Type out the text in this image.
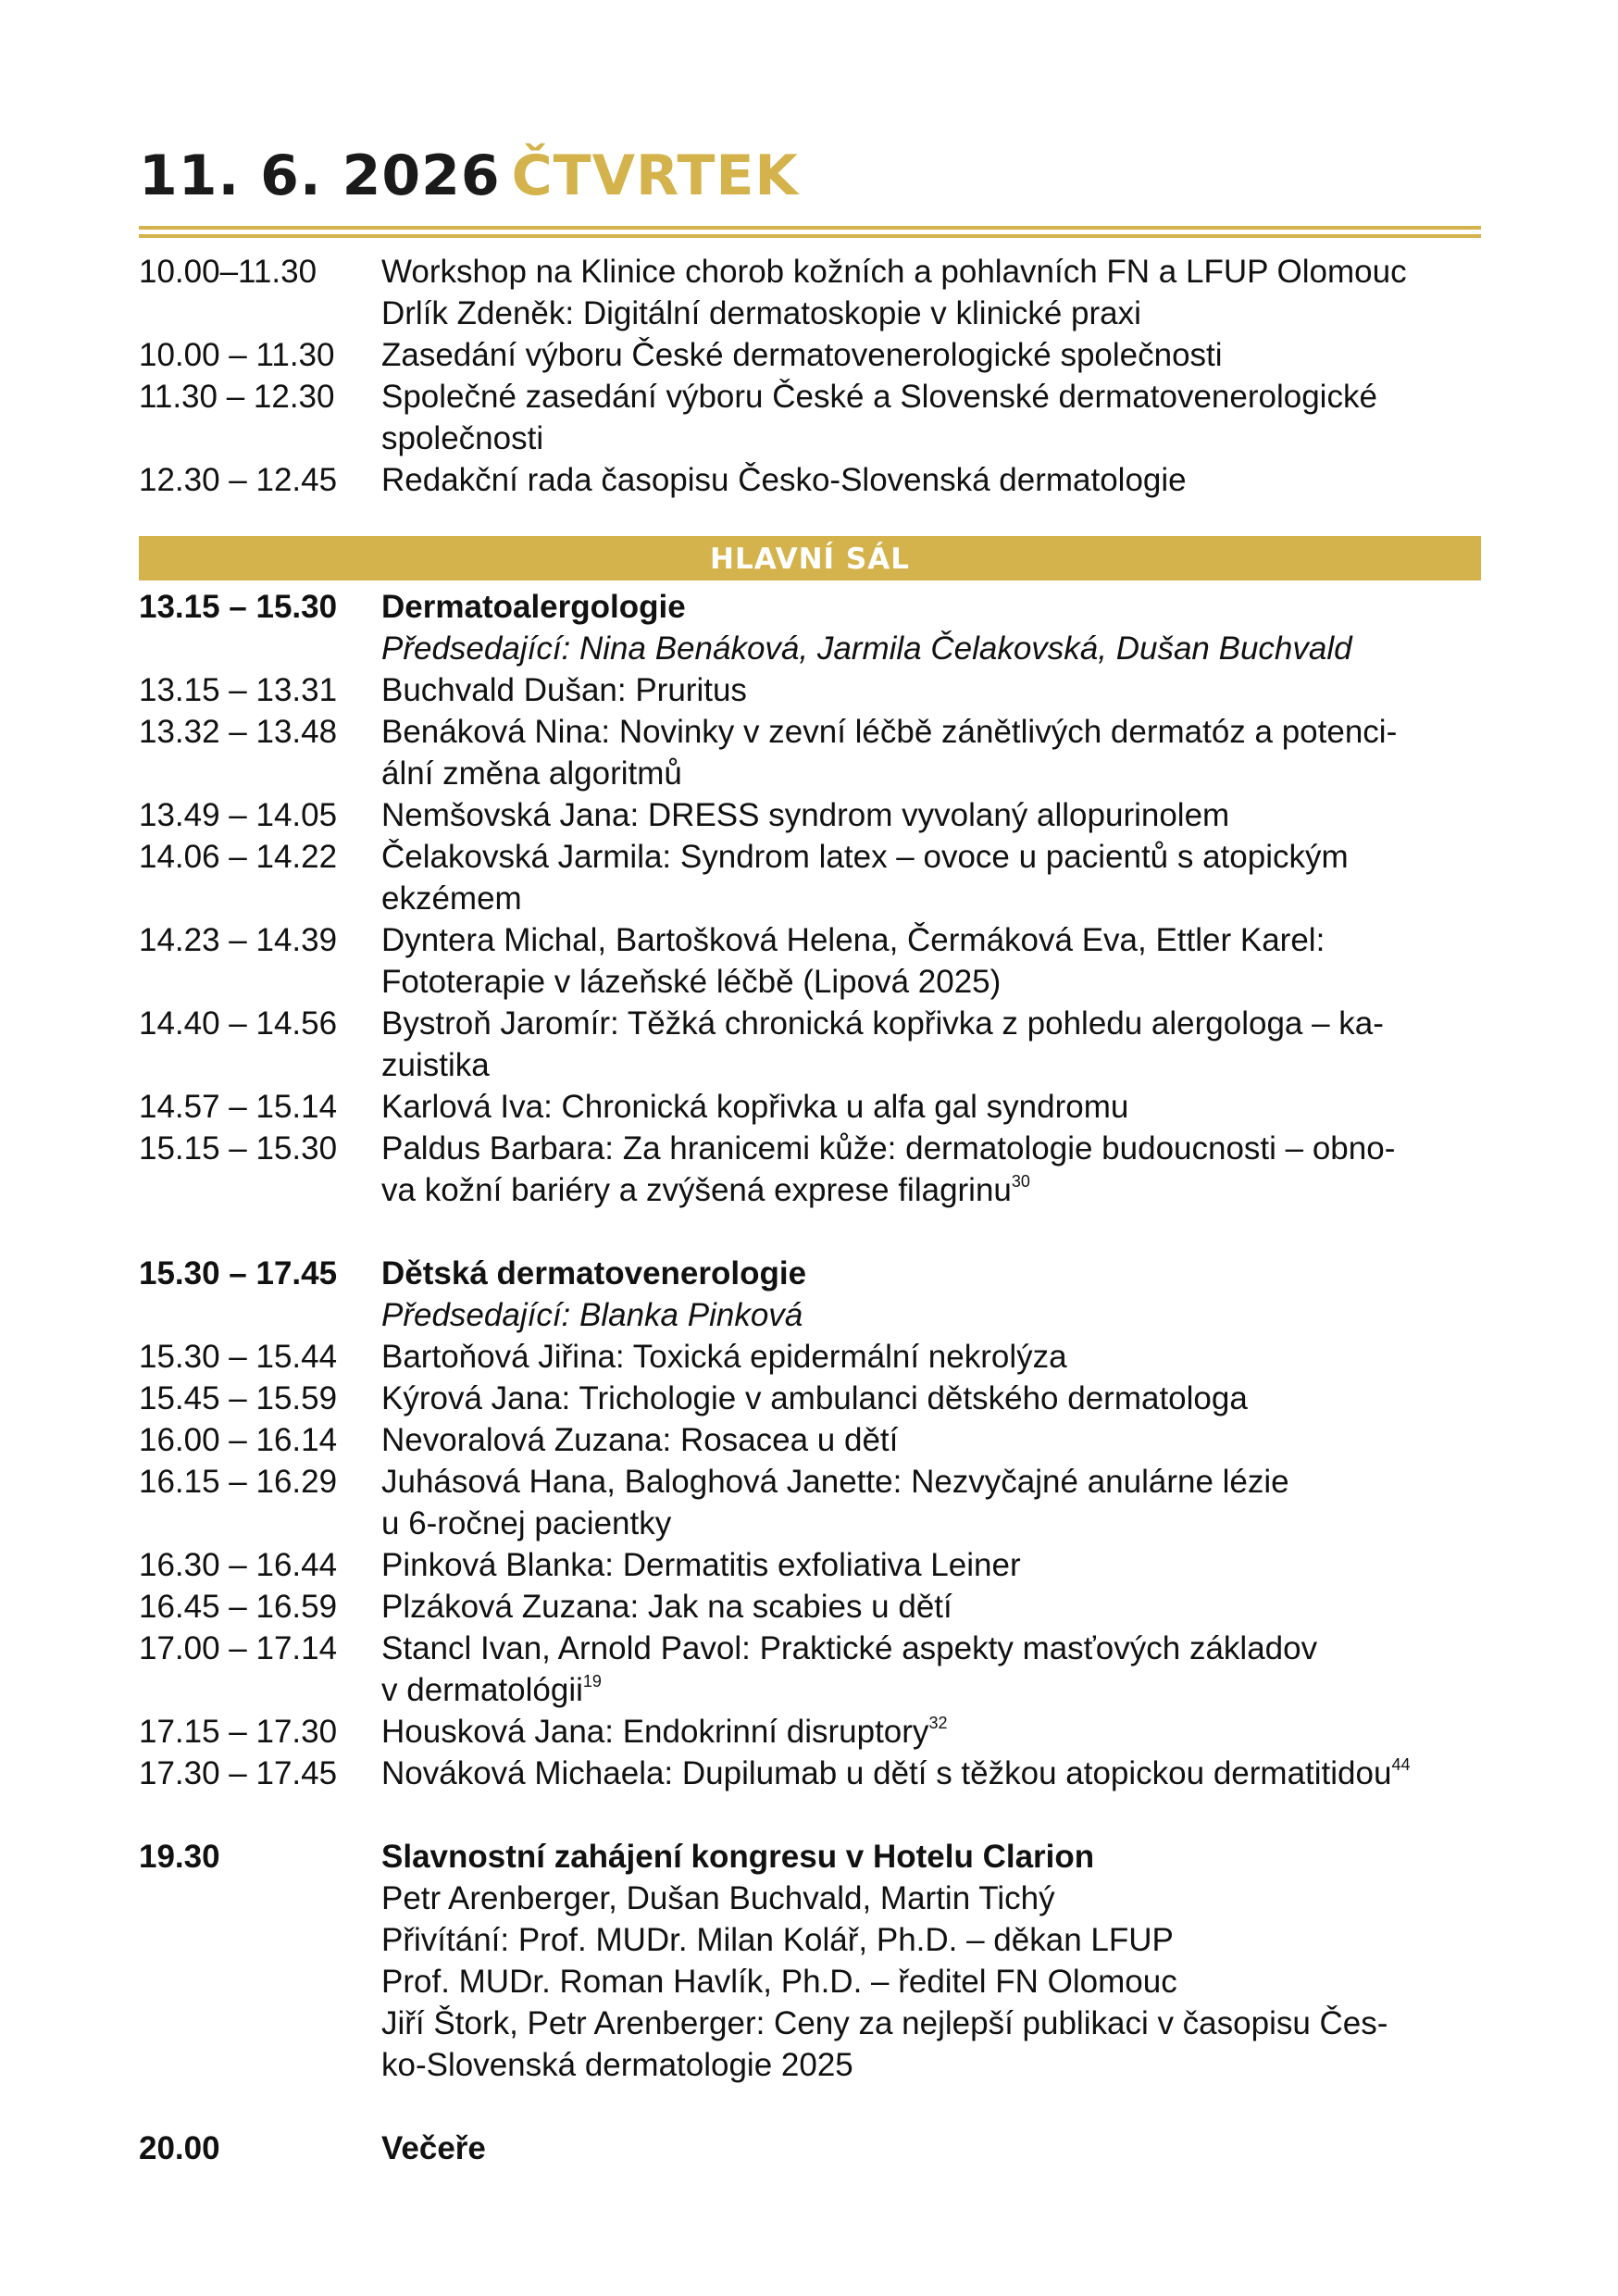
11. 6. 2026 ČTVRTEK
10.00–11.30	Workshop na Klinice chorob kožních a pohlavních FN a LFUP Olomouc
Drlík Zdeněk: Digitální dermatoskopie v klinické praxi
10.00 – 11.30	Zasedání výboru České dermatovenerologické společnosti
11.30 – 12.30	Společné zasedání výboru České a Slovenské dermatovenerologické
společnosti
12.30 – 12.45	Redakční rada časopisu Česko-Slovenská dermatologie
HLAVNÍ SÁL
13.15 – 15.30	Dermatoalergologie
Předsedající: Nina Benáková, Jarmila Čelakovská, Dušan Buchvald
13.15 – 13.31	Buchvald Dušan: Pruritus
13.32 – 13.48	Benáková Nina: Novinky v zevní léčbě zánětlivých dermatóz a potenci-
ální změna algoritmů
13.49 – 14.05	Nemšovská Jana: DRESS syndrom vyvolaný allopurinolem
14.06 – 14.22	Čelakovská Jarmila: Syndrom latex – ovoce u pacientů s atopickým
ekzémem
14.23 – 14.39	Dyntera Michal, Bartošková Helena, Čermáková Eva, Ettler Karel:
Fototerapie v lázeňské léčbě (Lipová 2025)
14.40 – 14.56	Bystroň Jaromír: Těžká chronická kopřivka z pohledu alergologa – ka-
zuistika
14.57 – 15.14	Karlová Iva: Chronická kopřivka u alfa gal syndromu
15.15 – 15.30	Paldus Barbara: Za hranicemi kůže: dermatologie budoucnosti – obno-
va kožní bariéry a zvýšená exprese filagrinu$^{30}$
15.30 – 17.45	Dětská dermatovenerologie
Předsedající: Blanka Pinková
15.30 – 15.44	Bartoňová Jiřina: Toxická epidermální nekrolýza
15.45 – 15.59	Kýrová Jana: Trichologie v ambulanci dětského dermatologa
16.00 – 16.14	Nevoralová Zuzana: Rosacea u dětí
16.15 – 16.29	Juhásová Hana, Baloghová Janette: Nezvyčajné anulárne lézie
u 6-ročnej pacientky
16.30 – 16.44	Pinková Blanka: Dermatitis exfoliativa Leiner
16.45 – 16.59	Plzáková Zuzana: Jak na scabies u dětí
17.00 – 17.14	Stancl Ivan, Arnold Pavol: Praktické aspekty masťových základov
v dermatológii$^{19}$
17.15 – 17.30	Housková Jana: Endokrinní disruptory$^{32}$
17.30 – 17.45	Nováková Michaela: Dupilumab u dětí s těžkou atopickou dermatitidou$^{44}$
19.30	Slavnostní zahájení kongresu v Hotelu Clarion
Petr Arenberger, Dušan Buchvald, Martin Tichý
Přivítání: Prof. MUDr. Milan Kolář, Ph.D. – děkan LFUP
Prof. MUDr. Roman Havlík, Ph.D. – ředitel FN Olomouc
Jiří Štork, Petr Arenberger: Ceny za nejlepší publikaci v časopisu Čes-
ko-Slovenská dermatologie 2025
20.00	Večeře
